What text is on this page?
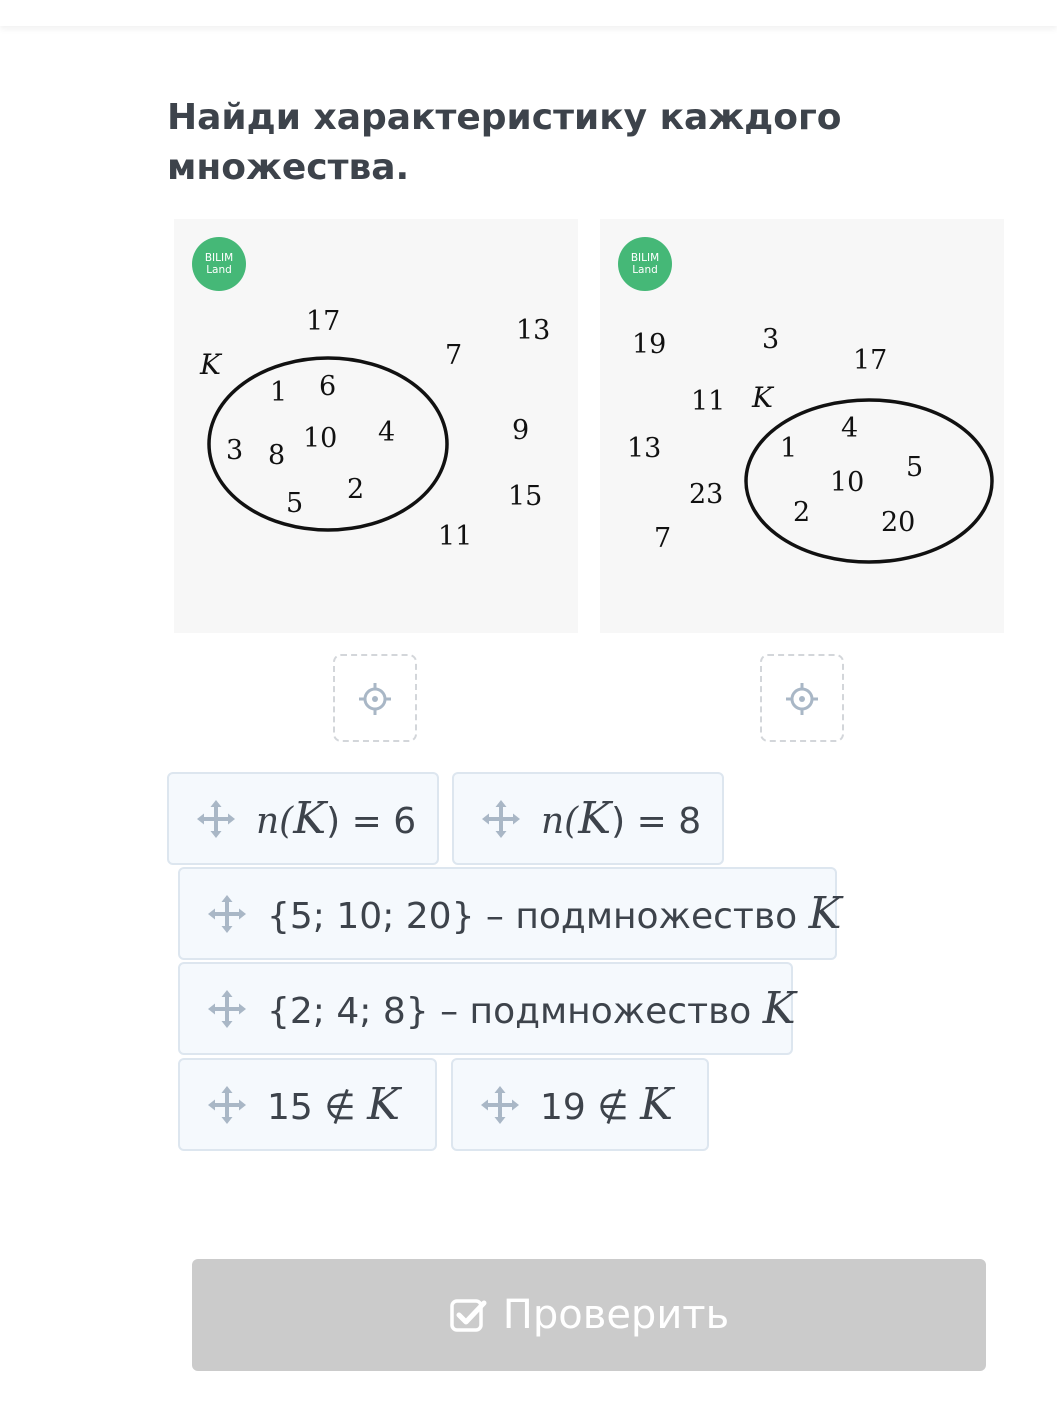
Найди характеристику каждого множества.
BILIM
Land
K
1 6
3 8
10 4
5 2
17	13
7
9
15
11
BILIM
Land
K
4
1
5
10
2	20
19	3
17
11
13
23
7
n(K) = 6	n(K) = 8
{5; 10; 20} – подмножество K
{2; 4; 8} – подмножество K
15 ∉ K	19 ∉ K
Проверить
